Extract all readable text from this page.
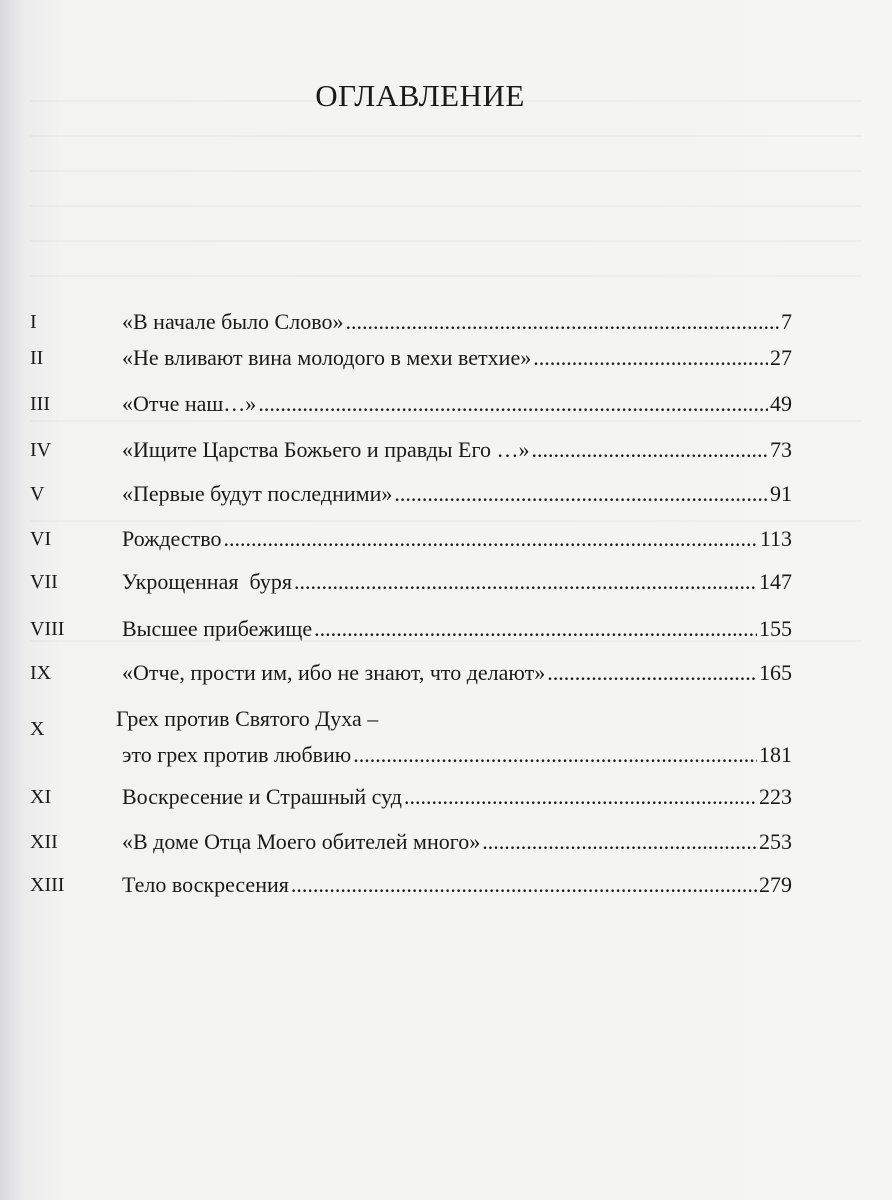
ОГЛАВЛЕНИЕ
I	«В начале было Слово» .....	7
II	«Не вливают вина молодого в мехи ветхие» .....	27
III	«Отче наш…» .....	49
IV	«Ищите Царства Божьего и правды Его …» .....	73
V	«Первые будут последними» .....	91
VI	Рождество .....	113
VII	Укрощенная  буря .....	147
VIII	Высшее прибежище .....	155
IX	«Отче, прости им, ибо не знают, что делают» .....	165
X	Грех против Святого Духа –
это грех против любвию .....	181
XI	Воскресение и Страшный суд .....	223
XII	«В доме Отца Моего обителей много» .....	253
XIII	Тело воскресения .....	279
